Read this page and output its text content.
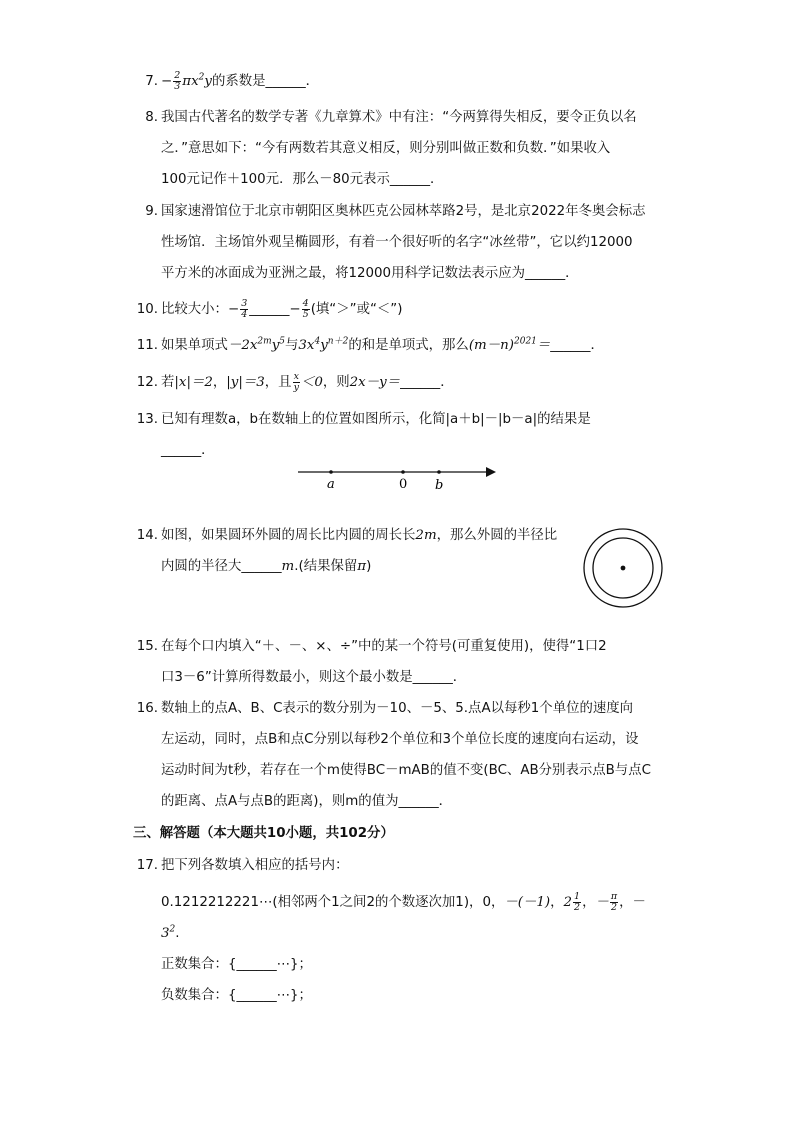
7. − $\frac{2}{3} \pi x^2y$的系数是______．
8. 我国古代著名的数学专著《九章算术》中有注：“今两算得失相反，要令正负以名
之．”意思如下：“今有两数若其意义相反，则分别叫做正数和负数．”如果收入
100元记作＋100元．那么－80元表示______．
9. 国家速滑馆位于北京市朝阳区奥林匹克公园林萃路2号，是北京2022年冬奥会标志
性场馆．主场馆外观呈椭圆形，有着一个很好听的名字“冰丝带”，它以约12000
平方米的冰面成为亚洲之最，将12000用科学记数法表示应为______．
10. 比较大小：− $\frac{3}{4}$ ______− $\frac{4}{5}$ (填“＞”或“＜”)
11. 如果单项式$-2x^{2m}y^5$与$3x^4y^{n+2}$的和是单项式，那么$(m-n)^{2021}=\_\_\_\_\_\_$．
12. 若|x|＝2，|y|＝3，且 $\frac{x}{y} <0$，则2x－y＝______．
13. 已知有理数a，b在数轴上的位置如图所示，化简|a＋b|－|b－a|的结果是
______．
a	0 b
14. 如图，如果圆环外圆的周长比内圆的周长长2m，那么外圆的半径比
内圆的半径大______m.(结果保留π)
15. 在每个口内填入“＋、－、×、÷”中的某一个符号(可重复使用)，使得“1口2
口3－6”计算所得数最小，则这个最小数是______．
16. 数轴上的点A、B、C表示的数分别为－10、－5、5.点A以每秒1个单位的速度向
左运动，同时，点B和点C分别以每秒2个单位和3个单位长度的速度向右运动，设
运动时间为t秒，若存在一个m使得BC－mAB的值不变(BC、AB分别表示点B与点C
的距离、点A与点B的距离)，则m的值为______．
三、解答题（本大题共10小题，共102分）
17. 把下列各数填入相应的括号内：
0.1212212221⋯(相邻两个1之间2的个数逐次加1)，0，－(－1)，$2 \frac{1}{2}$ ，－ $\frac{\pi}{2}$ ，－
$3^2$.
正数集合：{______⋯}；
负数集合：{______⋯}；
